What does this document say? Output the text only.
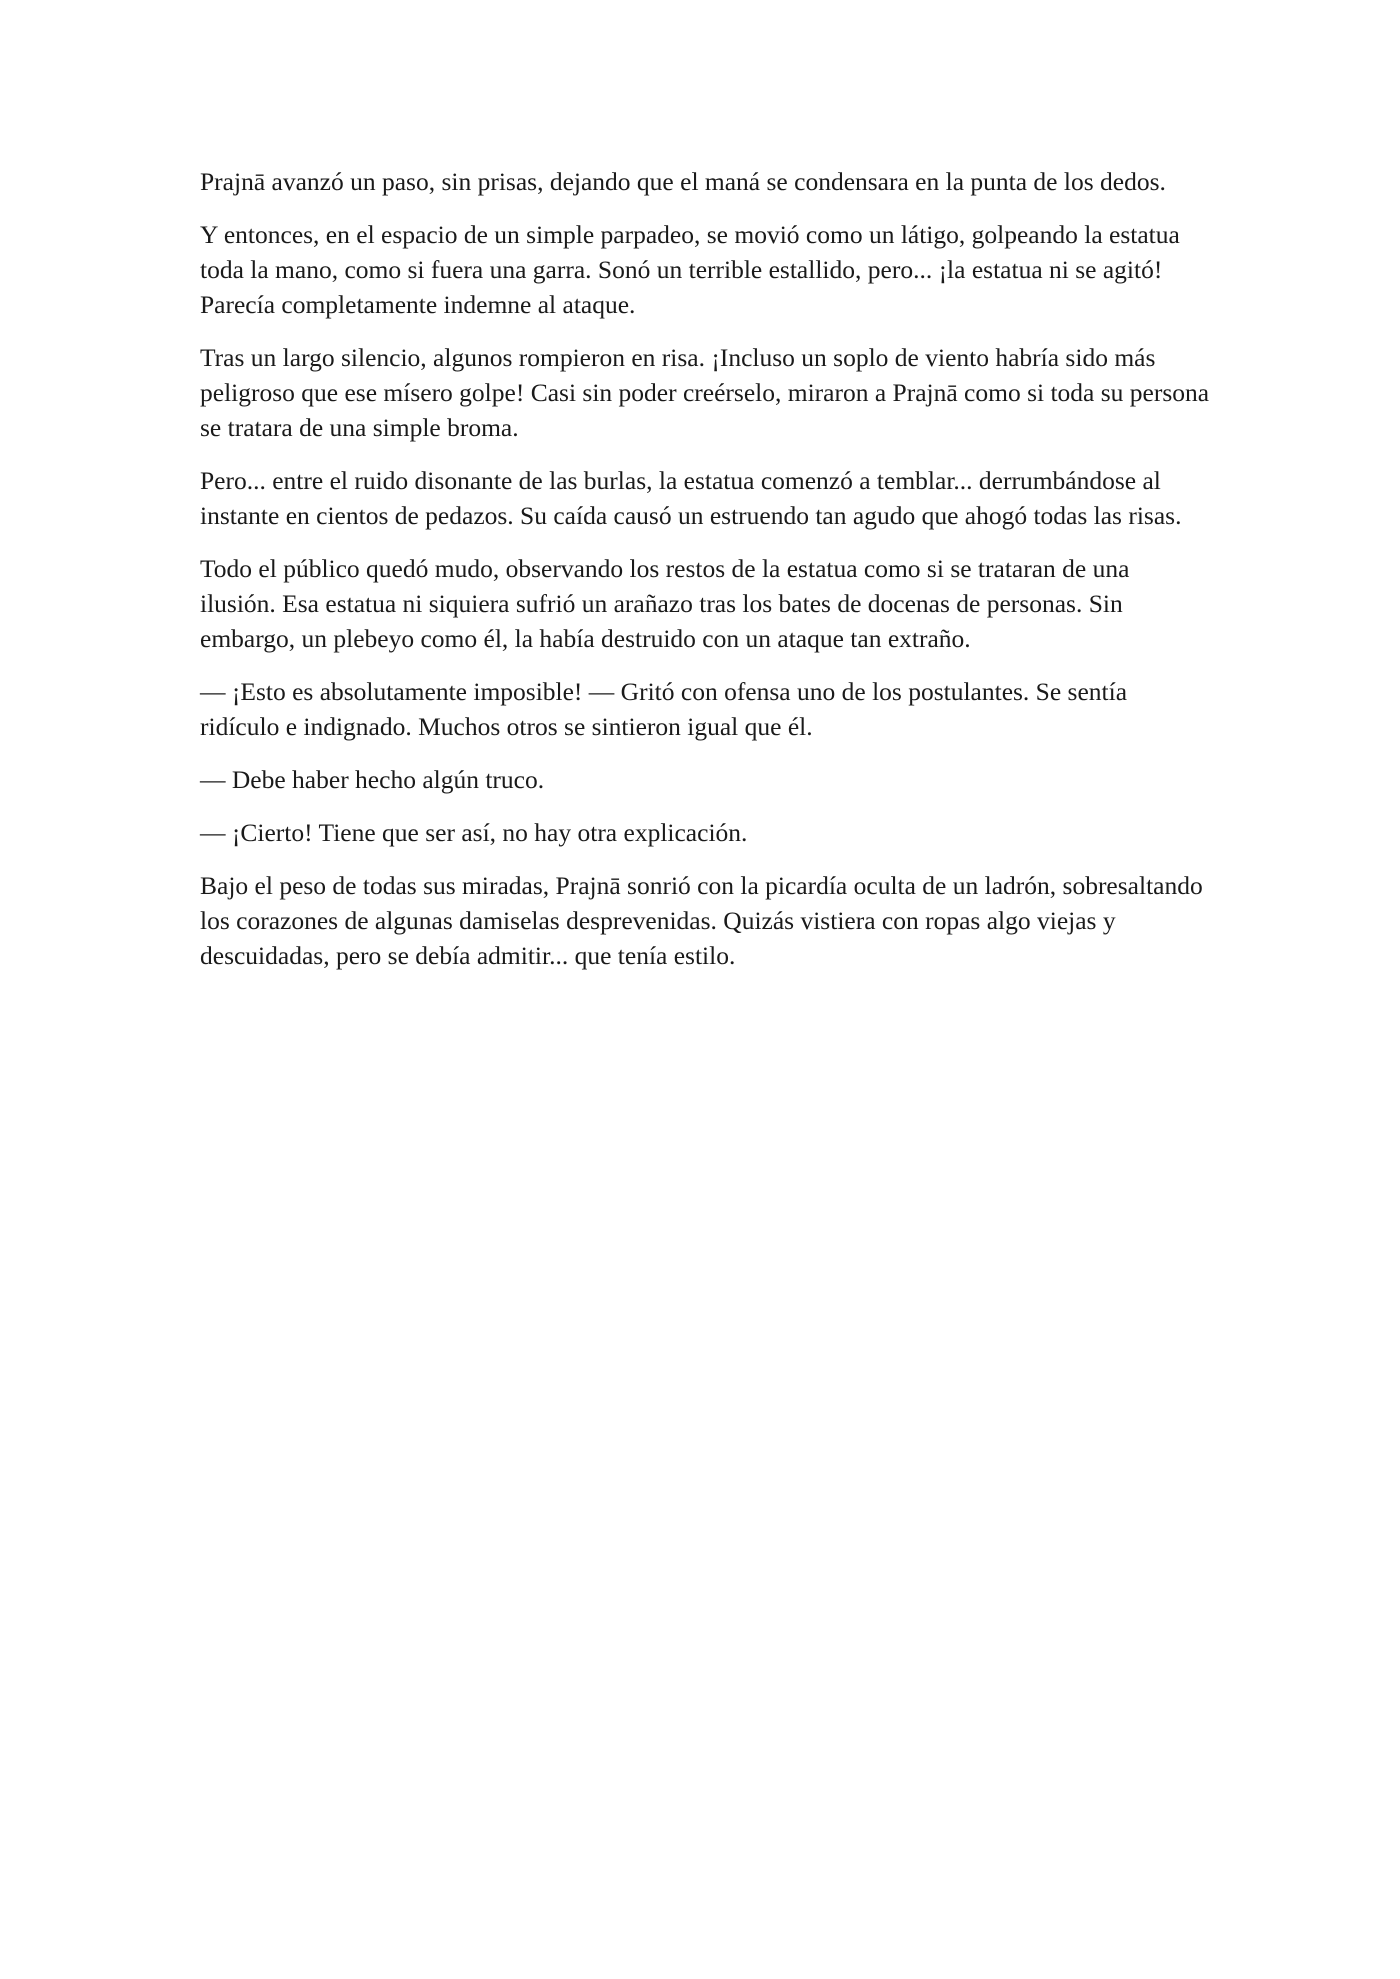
Prajnā avanzó un paso, sin prisas, dejando que el maná se condensara en la punta de los dedos.

Y entonces, en el espacio de un simple parpadeo, se movió como un látigo, golpeando la estatua toda la mano, como si fuera una garra. Sonó un terrible estallido, pero... ¡la estatua ni se agitó! Parecía completamente indemne al ataque.

Tras un largo silencio, algunos rompieron en risa. ¡Incluso un soplo de viento habría sido más peligroso que ese mísero golpe! Casi sin poder creérselo, miraron a Prajnā como si toda su persona se tratara de una simple broma.

Pero... entre el ruido disonante de las burlas, la estatua comenzó a temblar... derrumbándose al instante en cientos de pedazos. Su caída causó un estruendo tan agudo que ahogó todas las risas.

Todo el público quedó mudo, observando los restos de la estatua como si se trataran de una ilusión. Esa estatua ni siquiera sufrió un arañazo tras los bates de docenas de personas. Sin embargo, un plebeyo como él, la había destruido con un ataque tan extraño.

— ¡Esto es absolutamente imposible! — Gritó con ofensa uno de los postulantes. Se sentía ridículo e indignado. Muchos otros se sintieron igual que él.

— Debe haber hecho algún truco.

— ¡Cierto! Tiene que ser así, no hay otra explicación.

Bajo el peso de todas sus miradas, Prajnā sonrió con la picardía oculta de un ladrón, sobresaltando los corazones de algunas damiselas desprevenidas. Quizás vistiera con ropas algo viejas y descuidadas, pero se debía admitir... que tenía estilo.
